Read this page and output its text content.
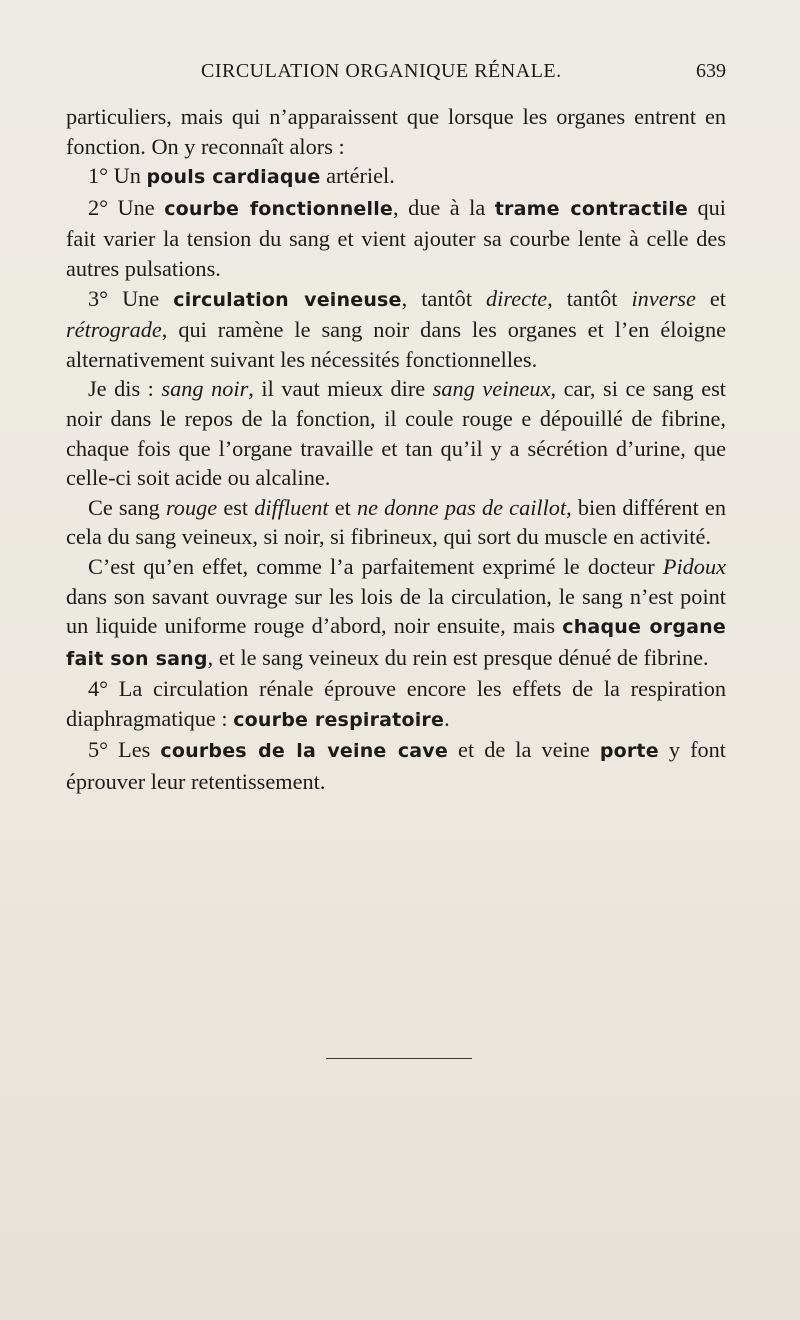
CIRCULATION ORGANIQUE RÉNALE.	639

particuliers, mais qui n’apparaissent que lorsque les organes entrent en fonction. On y reconnaît alors :

1° Un pouls cardiaque artériel.

2° Une courbe fonctionnelle, due à la trame contractile qui fait varier la tension du sang et vient ajouter sa courbe lente à celle des autres pulsations.

3° Une circulation veineuse, tantôt directe, tantôt inverse et rétrograde, qui ramène le sang noir dans les organes et l’en éloigne alternativement suivant les nécessités fonctionnelles.

Je dis : sang noir, il vaut mieux dire sang veineux, car, si ce sang est noir dans le repos de la fonction, il coule rouge e dépouillé de fibrine, chaque fois que l’organe travaille et tan qu’il y a sécrétion d’urine, que celle-ci soit acide ou alcaline.

Ce sang rouge est diffluent et ne donne pas de caillot, bien différent en cela du sang veineux, si noir, si fibrineux, qui sort du muscle en activité.

C’est qu’en effet, comme l’a parfaitement exprimé le docteur Pidoux dans son savant ouvrage sur les lois de la circulation, le sang n’est point un liquide uniforme rouge d’abord, noir ensuite, mais chaque organe fait son sang, et le sang veineux du rein est presque dénué de fibrine.

4° La circulation rénale éprouve encore les effets de la respiration diaphragmatique : courbe respiratoire.

5° Les courbes de la veine cave et de la veine porte y font éprouver leur retentissement.
